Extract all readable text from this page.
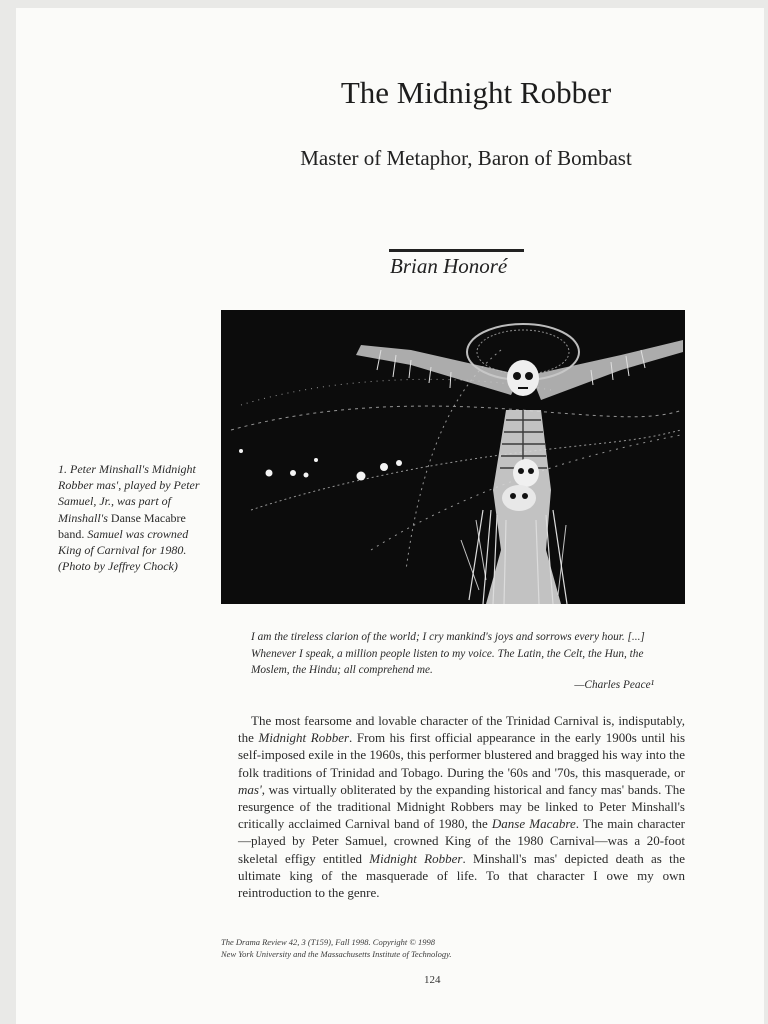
The Midnight Robber
Master of Metaphor, Baron of Bombast
Brian Honoré
1. Peter Minshall's Midnight Robber mas', played by Peter Samuel, Jr., was part of Minshall's Danse Macabre band. Samuel was crowned King of Carnival for 1980. (Photo by Jeffrey Chock)
I am the tireless clarion of the world; I cry mankind's joys and sorrows every hour. [...] Whenever I speak, a million people listen to my voice. The Latin, the Celt, the Hun, the Moslem, the Hindu; all comprehend me.
—Charles Peace¹
The most fearsome and lovable character of the Trinidad Carnival is, indisputably, the Midnight Robber. From his first official appearance in the early 1900s until his self-imposed exile in the 1960s, this performer blustered and bragged his way into the folk traditions of Trinidad and Tobago. During the '60s and '70s, this masquerade, or mas', was virtually obliterated by the expanding historical and fancy mas' bands. The resurgence of the traditional Midnight Robbers may be linked to Peter Minshall's critically acclaimed Carnival band of 1980, the Danse Macabre. The main character—played by Peter Samuel, crowned King of the 1980 Carnival—was a 20-foot skeletal effigy entitled Midnight Robber. Minshall's mas' depicted death as the ultimate king of the masquerade of life. To that character I owe my own reintroduction to the genre.
The Drama Review 42, 3 (T159), Fall 1998. Copyright © 1998
New York University and the Massachusetts Institute of Technology.
124
